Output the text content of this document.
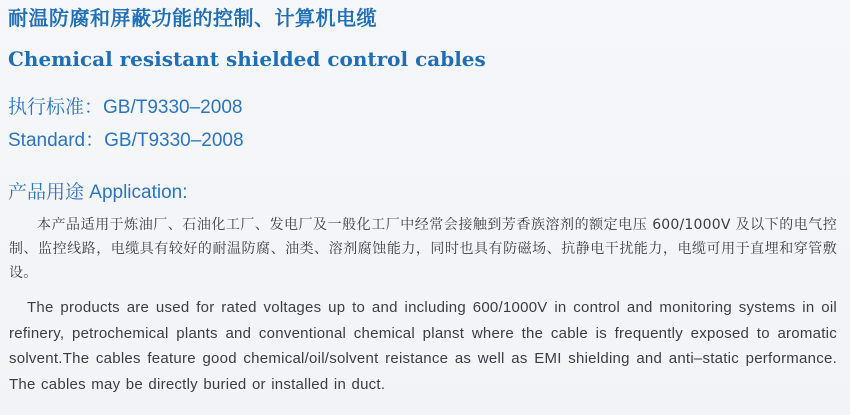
耐温防腐和屏蔽功能的控制、计算机电缆
Chemical resistant shielded control cables
执行标准：GB/T9330–2008
Standard：GB/T9330–2008
产品用途 Application:

本产品适用于炼油厂、石油化工厂、发电厂及一般化工厂中经常会接触到芳香族溶剂的额定电压 600/1000V 及以下的电气控制、监控线路，电缆具有较好的耐温防腐、油类、溶剂腐蚀能力，同时也具有防磁场、抗静电干扰能力，电缆可用于直埋和穿管敷设。

The products are used for rated voltages up to and including 600/1000V in control and monitoring systems in oil refinery, petrochemical plants and conventional chemical planst where the cable is frequently exposed to aromatic solvent.The cables feature good chemical/oil/solvent reistance as well as EMI shielding and anti–static performance. The cables may be directly buried or installed in duct.
